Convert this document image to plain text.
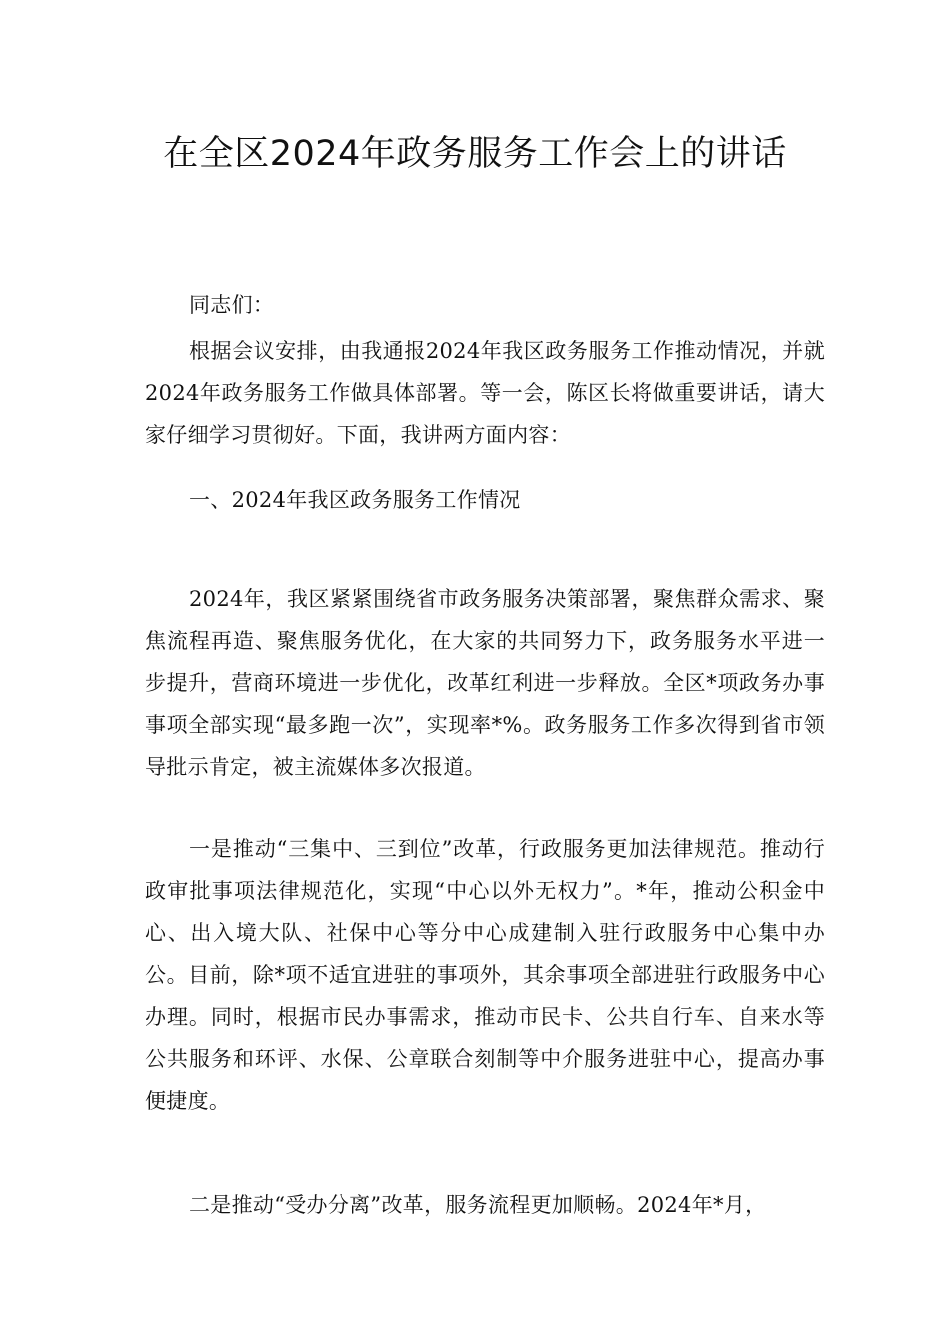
在全区2024年政务服务工作会上的讲话

同志们：

根据会议安排，由我通报2024年我区政务服务工作推动情况，并就2024年政务服务工作做具体部署。等一会，陈区长将做重要讲话，请大家仔细学习贯彻好。下面，我讲两方面内容：

一、2024年我区政务服务工作情况

2024年，我区紧紧围绕省市政务服务决策部署，聚焦群众需求、聚焦流程再造、聚焦服务优化，在大家的共同努力下，政务服务水平进一步提升，营商环境进一步优化，改革红利进一步释放。全区*项政务办事事项全部实现“最多跑一次”，实现率*%。政务服务工作多次得到省市领导批示肯定，被主流媒体多次报道。

一是推动“三集中、三到位”改革，行政服务更加法律规范。推动行政审批事项法律规范化，实现“中心以外无权力”。*年，推动公积金中心、出入境大队、社保中心等分中心成建制入驻行政服务中心集中办公。目前，除*项不适宜进驻的事项外，其余事项全部进驻行政服务中心办理。同时，根据市民办事需求，推动市民卡、公共自行车、自来水等公共服务和环评、水保、公章联合刻制等中介服务进驻中心，提高办事便捷度。

二是推动“受办分离”改革，服务流程更加顺畅。2024年*月，
